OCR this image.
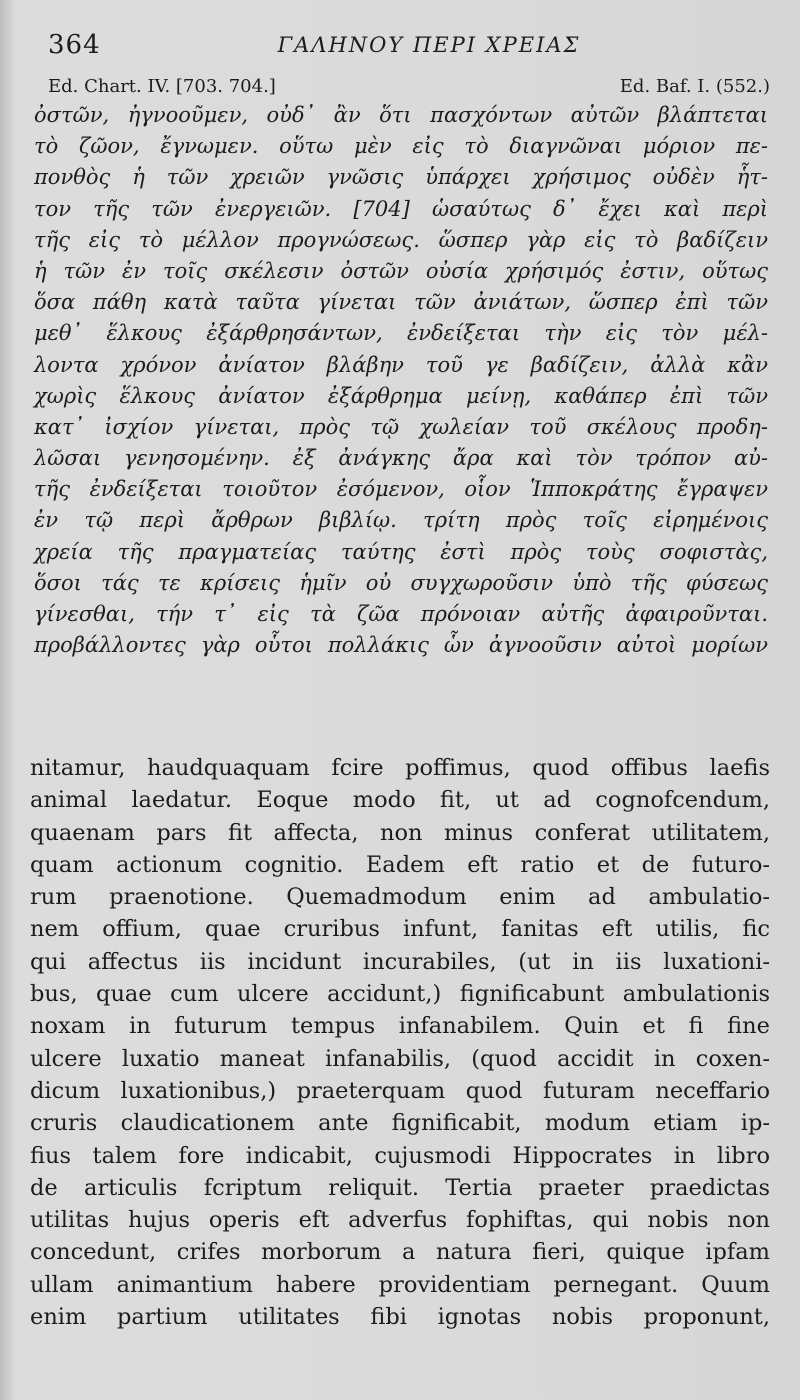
364	ΓΑΛΗΝΟΥ ΠΕΡΙ ΧΡΕΙΑΣ
Ed. Chart. IV. [703. 704.]	Ed. Baf. I. (552.)
ὀστῶν, ἠγνοοῦμεν, οὐδ᾽ ἂν ὅτι πασχόντων αὐτῶν βλάπτεται
τὸ ζῶον, ἔγνωμεν. οὕτω μὲν εἰς τὸ διαγνῶναι μόριον πε-
πονθὸς ἡ τῶν χρειῶν γνῶσις ὑπάρχει χρήσιμος οὐδὲν ἧτ-
τον τῆς τῶν ἐνεργειῶν. [704] ὡσαύτως δ᾽ ἔχει καὶ περὶ
τῆς εἰς τὸ μέλλον προγνώσεως. ὥσπερ γὰρ εἰς τὸ βαδίζειν
ἡ τῶν ἐν τοῖς σκέλεσιν ὀστῶν οὐσία χρήσιμός ἐστιν, οὕτως
ὅσα πάθη κατὰ ταῦτα γίνεται τῶν ἀνιάτων, ὥσπερ ἐπὶ τῶν
μεθ᾽ ἕλκους ἐξάρθρησάντων, ἐνδείξεται τὴν εἰς τὸν μέλ-
λοντα χρόνον ἀνίατον βλάβην τοῦ γε βαδίζειν, ἀλλὰ κἂν
χωρὶς ἕλκους ἀνίατον ἐξάρθρημα μείνῃ, καθάπερ ἐπὶ τῶν
κατ᾽ ἰσχίον γίνεται, πρὸς τῷ χωλείαν τοῦ σκέλους προδη-
λῶσαι γενησομένην. ἐξ ἀνάγκης ἄρα καὶ τὸν τρόπον αὐ-
τῆς ἐνδείξεται τοιοῦτον ἐσόμενον, οἷον Ἱπποκράτης ἔγραψεν
ἐν τῷ περὶ ἄρθρων βιβλίῳ. τρίτη πρὸς τοῖς εἰρημένοις
χρεία τῆς πραγματείας ταύτης ἐστὶ πρὸς τοὺς σοφιστὰς,
ὅσοι τάς τε κρίσεις ἡμῖν οὐ συγχωροῦσιν ὑπὸ τῆς φύσεως
γίνεσθαι, τήν τ᾽ εἰς τὰ ζῶα πρόνοιαν αὐτῆς ἀφαιροῦνται.
προβάλλοντες γὰρ οὗτοι πολλάκις ὧν ἀγνοοῦσιν αὐτοὶ μορίων
nitamur, haudquaquam fcire poffimus, quod offibus laefis
animal laedatur. Eoque modo fit, ut ad cognofcendum,
quaenam pars fit affecta, non minus conferat utilitatem,
quam actionum cognitio. Eadem eft ratio et de futuro-
rum praenotione. Quemadmodum enim ad ambulatio-
nem offium, quae cruribus infunt, fanitas eft utilis, fic
qui affectus iis incidunt incurabiles, (ut in iis luxationi-
bus, quae cum ulcere accidunt,) fignificabunt ambulationis
noxam in futurum tempus infanabilem. Quin et fi fine
ulcere luxatio maneat infanabilis, (quod accidit in coxen-
dicum luxationibus,) praeterquam quod futuram neceffario
cruris claudicationem ante fignificabit, modum etiam ip-
fius talem fore indicabit, cujusmodi Hippocrates in libro
de articulis fcriptum reliquit. Tertia praeter praedictas
utilitas hujus operis eft adverfus fophiftas, qui nobis non
concedunt, crifes morborum a natura fieri, quique ipfam
ullam animantium habere providentiam pernegant. Quum
enim partium utilitates fibi ignotas nobis proponunt,
